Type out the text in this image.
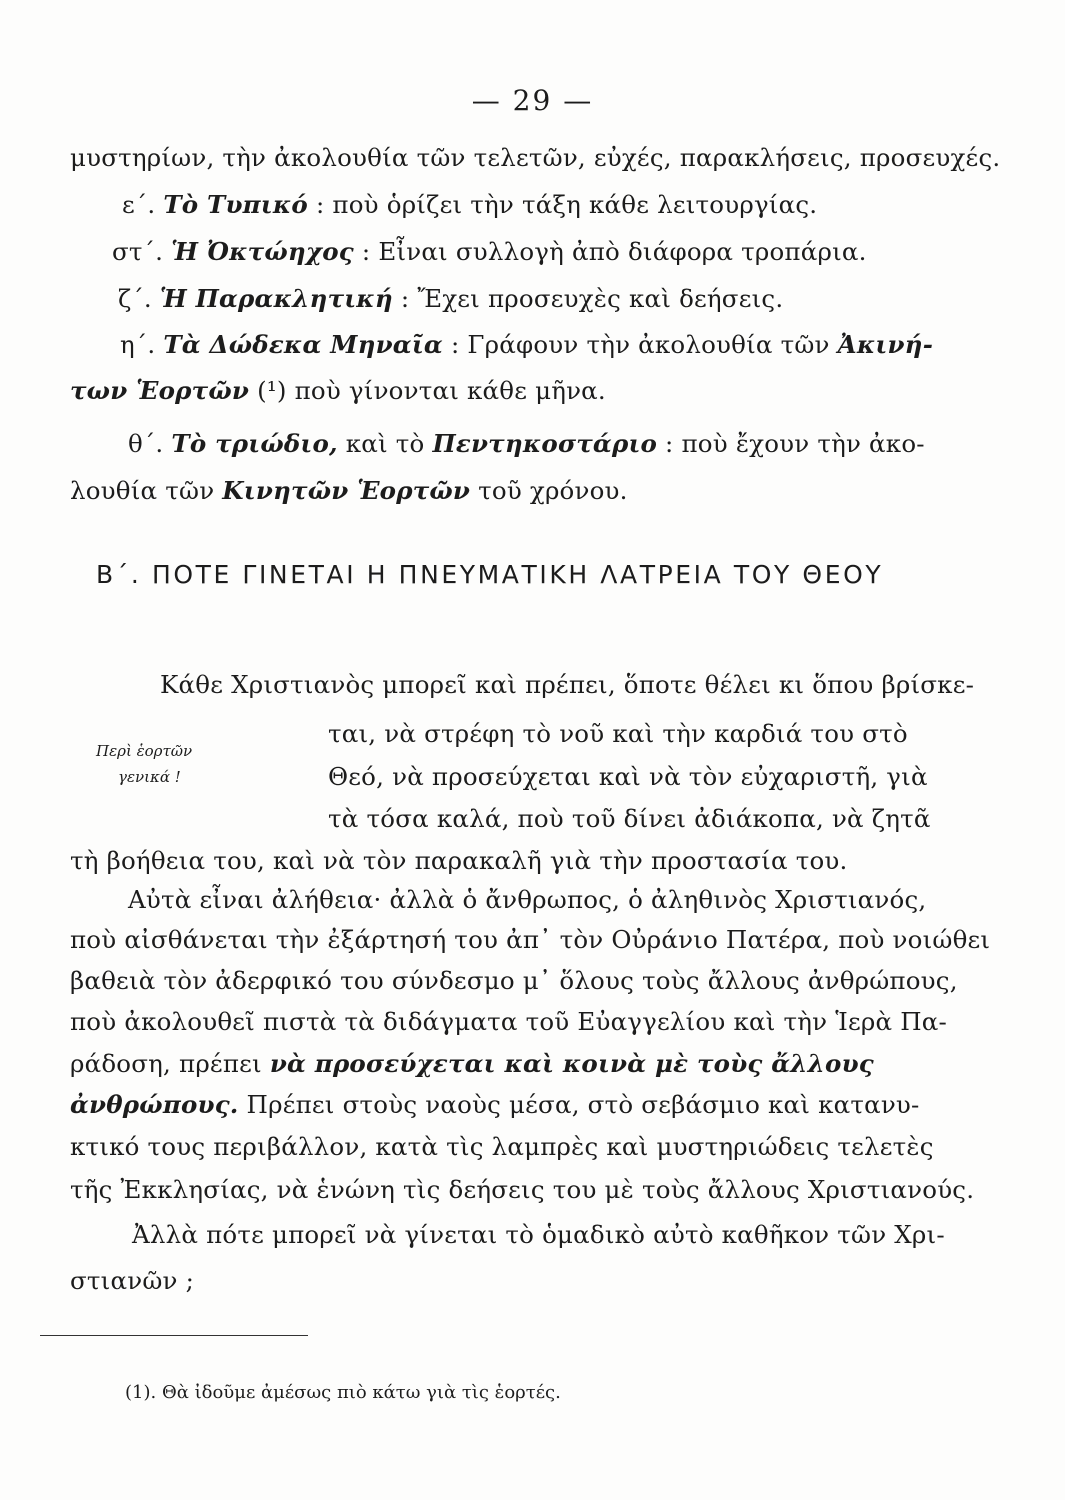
— 29 —
μυστηρίων, τὴν ἀκολουθία τῶν τελετῶν, εὐχές, παρακλήσεις, προσευχές.
ε΄. Τὸ Τυπικό : ποὺ ὁρίζει τὴν τάξη κάθε λειτουργίας.
στ΄. Ἡ Ὀκτώηχος : Εἶναι συλλογὴ ἀπὸ διάφορα τροπάρια.
ζ΄. Ἡ Παρακλητική : Ἔχει προσευχὲς καὶ δεήσεις.
η΄. Τὰ Δώδεκα Μηναῖα : Γράφουν τὴν ἀκολουθία τῶν Ἀκινή-
των Ἑορτῶν (¹) ποὺ γίνονται κάθε μῆνα.
θ΄. Τὸ τριώδιο, καὶ τὸ Πεντηκοστάριο : ποὺ ἔχουν τὴν ἀκο-
λουθία τῶν Κινητῶν Ἑορτῶν τοῦ χρόνου.
Β΄. ΠΟΤΕ ΓΙΝΕΤΑΙ Η ΠΝΕΥΜΑΤΙΚΗ ΛΑΤΡΕΙΑ ΤΟΥ ΘΕΟΥ
Περὶ ἑορτῶν
γενικά !
Κάθε Χριστιανὸς μπορεῖ καὶ πρέπει, ὅποτε θέλει κι ὅπου βρίσκε-
ται, νὰ στρέφη τὸ νοῦ καὶ τὴν καρδιά του στὸ
Θεό, νὰ προσεύχεται καὶ νὰ τὸν εὐχαριστῆ, γιὰ
τὰ τόσα καλά, ποὺ τοῦ δίνει ἀδιάκοπα, νὰ ζητᾶ
τὴ βοήθεια του, καὶ νὰ τὸν παρακαλῆ γιὰ τὴν προστασία του.
Αὐτὰ εἶναι ἀλήθεια· ἀλλὰ ὁ ἄνθρωπος, ὁ ἀληθινὸς Χριστιανός,
ποὺ αἰσθάνεται τὴν ἐξάρτησή του ἀπ᾽ τὸν Οὐράνιο Πατέρα, ποὺ νοιώθει
βαθειὰ τὸν ἀδερφικό του σύνδεσμο μ᾽ ὅλους τοὺς ἄλλους ἀνθρώπους,
ποὺ ἀκολουθεῖ πιστὰ τὰ διδάγματα τοῦ Εὐαγγελίου καὶ τὴν Ἱερὰ Πα-
ράδοση, πρέπει νὰ προσεύχεται καὶ κοινὰ μὲ τοὺς ἄλλους
ἀνθρώπους. Πρέπει στοὺς ναοὺς μέσα, στὸ σεβάσμιο καὶ κατανυ-
κτικό τους περιβάλλον, κατὰ τὶς λαμπρὲς καὶ μυστηριώδεις τελετὲς
τῆς Ἐκκλησίας, νὰ ἑνώνη τὶς δεήσεις του μὲ τοὺς ἄλλους Χριστιανούς.
Ἀλλὰ πότε μπορεῖ νὰ γίνεται τὸ ὁμαδικὸ αὐτὸ καθῆκον τῶν Χρι-
στιανῶν ;
(1). Θὰ ἰδοῦμε ἀμέσως πιὸ κάτω γιὰ τὶς ἑορτές.
